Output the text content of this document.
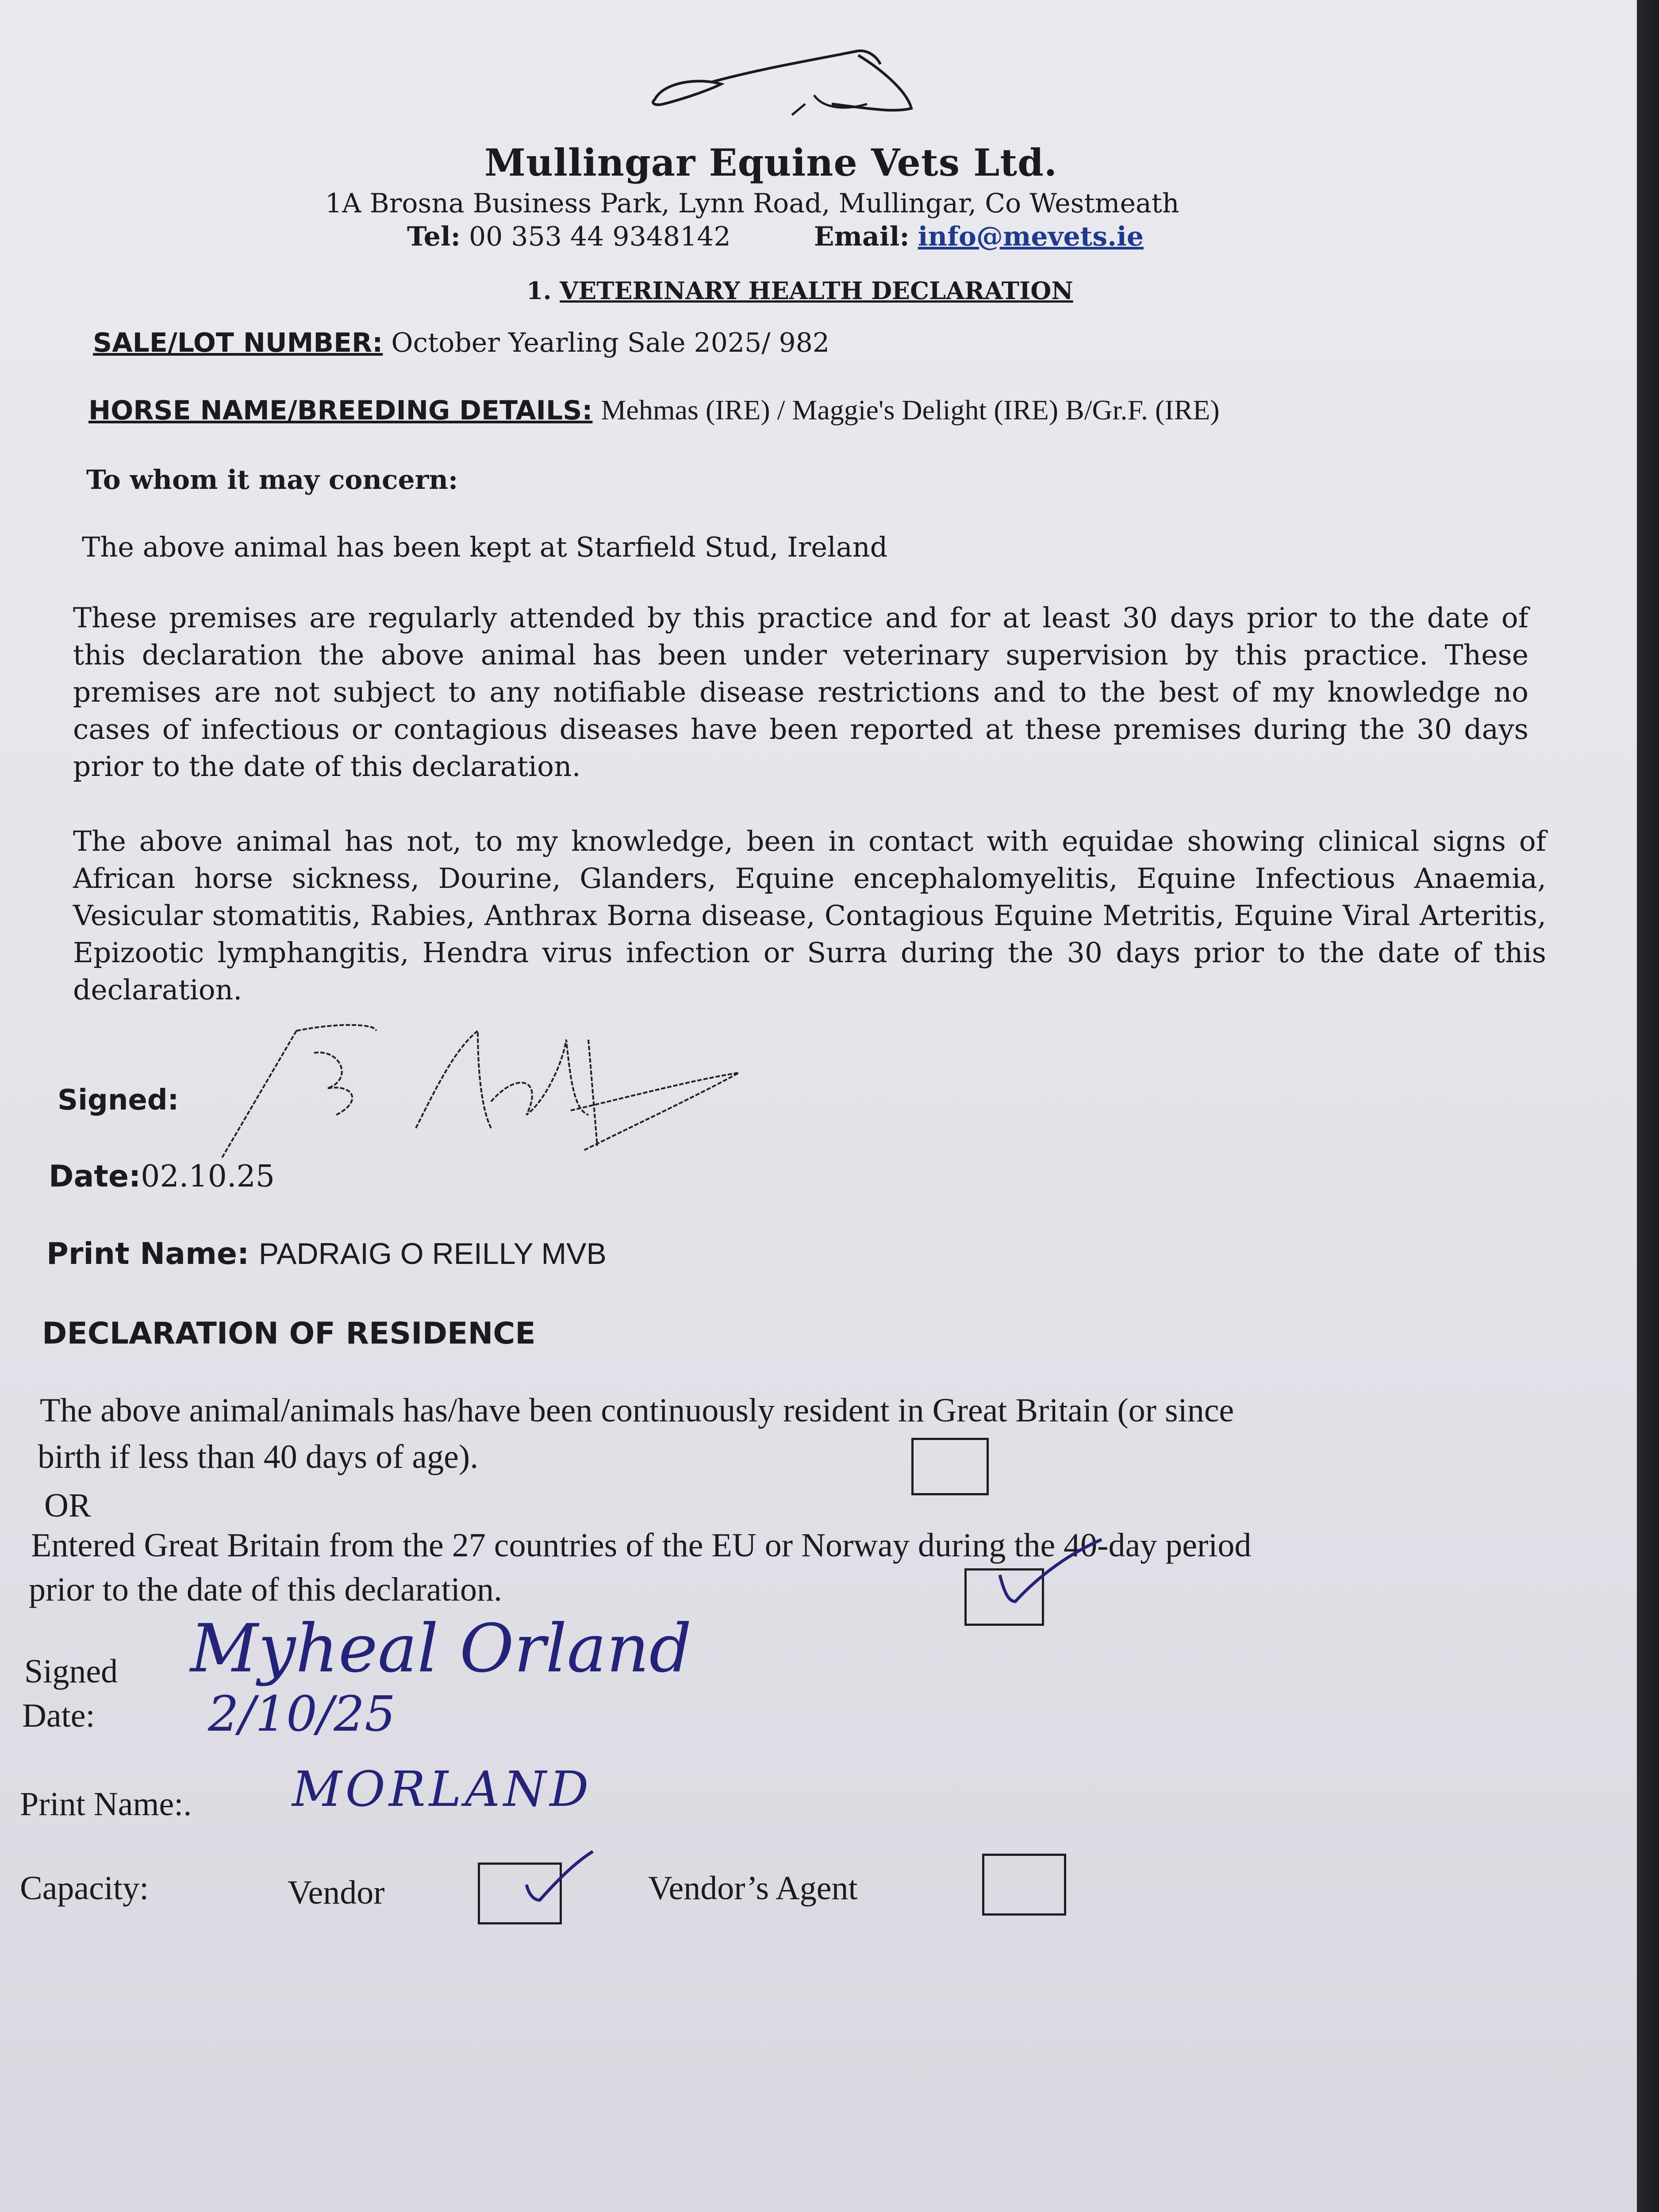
Mullingar Equine Vets Ltd.
1A Brosna Business Park, Lynn Road, Mullingar, Co Westmeath
Tel: 00 353 44 9348142	Email: info@mevets.ie
1. VETERINARY HEALTH DECLARATION
SALE/LOT NUMBER: October Yearling Sale 2025/ 982
HORSE NAME/BREEDING DETAILS: Mehmas (IRE) / Maggie's Delight (IRE) B/Gr.F. (IRE)
To whom it may concern:
The above animal has been kept at Starfield Stud, Ireland
These premises are regularly attended by this practice and for at least 30 days prior to the date of this declaration the above animal has been under veterinary supervision by this practice. These premises are not subject to any notifiable disease restrictions and to the best of my knowledge no cases of infectious or contagious diseases have been reported at these premises during the 30 days prior to the date of this declaration.
The above animal has not, to my knowledge, been in contact with equidae showing clinical signs of African horse sickness, Dourine, Glanders, Equine encephalomyelitis, Equine Infectious Anaemia, Vesicular stomatitis, Rabies, Anthrax Borna disease, Contagious Equine Metritis, Equine Viral Arteritis, Epizootic lymphangitis, Hendra virus infection or Surra during the 30 days prior to the date of this declaration.
Signed:
Date:02.10.25
Print Name: PADRAIG O REILLY MVB
DECLARATION OF RESIDENCE
The above animal/animals has/have been continuously resident in Great Britain (or since
birth if less than 40 days of age).
OR
Entered Great Britain from the 27 countries of the EU or Norway during the 40-day period
prior to the date of this declaration.
Signed
Date:
Myheal Orland
2/10/25
Print Name:. MORLAND
Capacity:	Vendor	Vendor’s Agent
